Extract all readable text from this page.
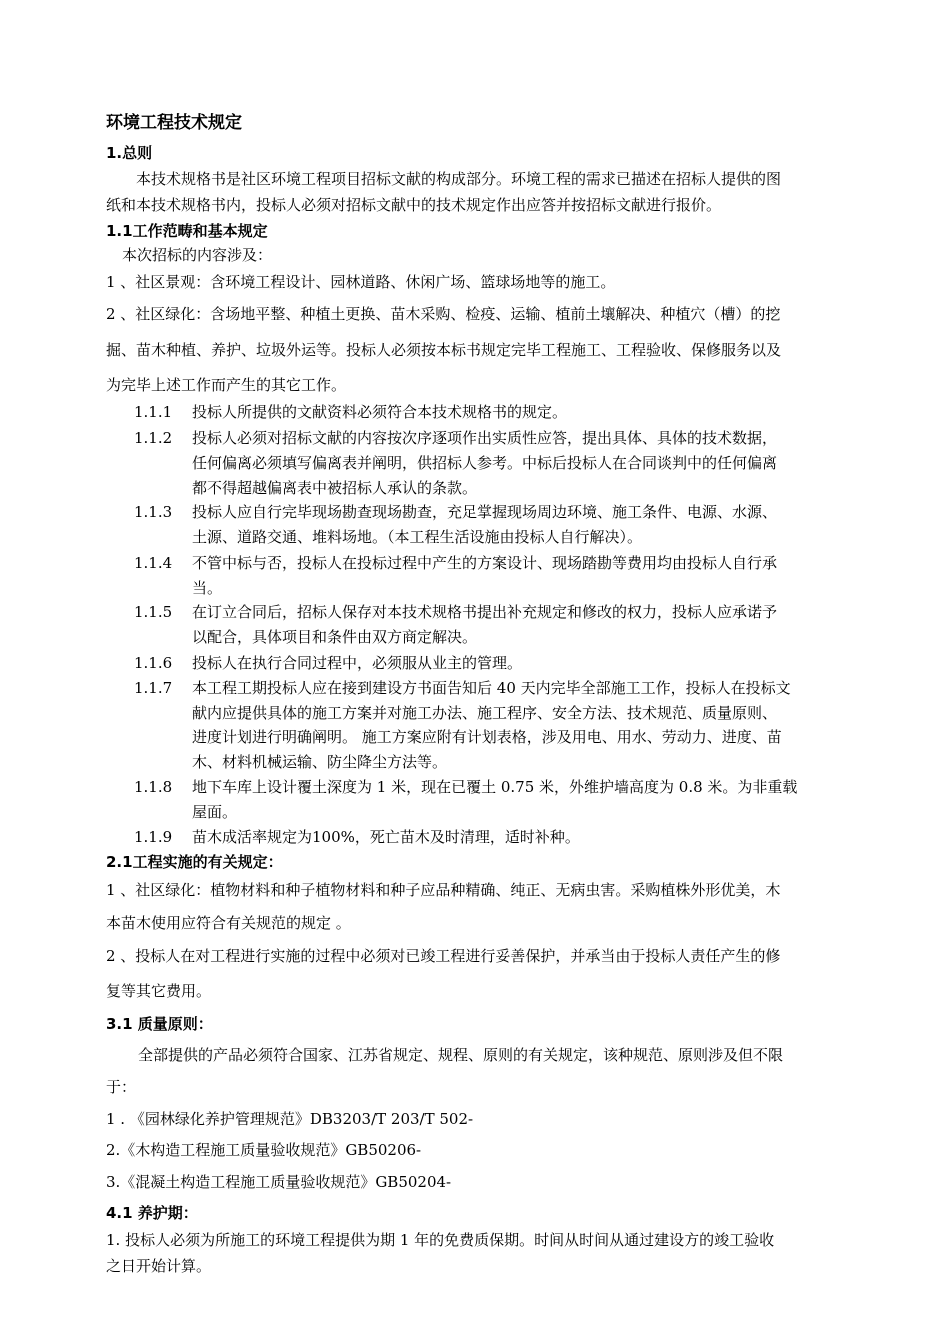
环境工程技术规定
1.总则
本技术规格书是社区环境工程项目招标文献的构成部分。环境工程的需求已描述在招标人提供的图
纸和本技术规格书内，投标人必须对招标文献中的技术规定作出应答并按招标文献进行报价。
1.1工作范畴和基本规定
本次招标的内容涉及：
1 、社区景观：含环境工程设计、园林道路、休闲广场、篮球场地等的施工。
2 、社区绿化：含场地平整、种植土更换、苗木采购、检疫、运输、植前土壤解决、种植穴（槽）的挖
掘、苗木种植、养护、垃圾外运等。投标人必须按本标书规定完毕工程施工、工程验收、保修服务以及
为完毕上述工作而产生的其它工作。
1.1.1 投标人所提供的文献资料必须符合本技术规格书的规定。
1.1.2 投标人必须对招标文献的内容按次序逐项作出实质性应答，提出具体、具体的技术数据，
任何偏离必须填写偏离表并阐明，供招标人参考。中标后投标人在合同谈判中的任何偏离
都不得超越偏离表中被招标人承认的条款。
1.1.3 投标人应自行完毕现场勘查现场勘查，充足掌握现场周边环境、施工条件、电源、水源、
土源、道路交通、堆料场地。（本工程生活设施由投标人自行解决）。
1.1.4 不管中标与否，投标人在投标过程中产生的方案设计、现场踏勘等费用均由投标人自行承
当。
1.1.5 在订立合同后，招标人保存对本技术规格书提出补充规定和修改的权力，投标人应承诺予
以配合，具体项目和条件由双方商定解决。
1.1.6 投标人在执行合同过程中，必须服从业主的管理。
1.1.7 本工程工期投标人应在接到建设方书面告知后 40 天内完毕全部施工工作，投标人在投标文
献内应提供具体的施工方案并对施工办法、施工程序、安全方法、技术规范、质量原则、
进度计划进行明确阐明。 施工方案应附有计划表格，涉及用电、用水、劳动力、进度、苗
木、材料机械运输、防尘降尘方法等。
1.1.8 地下车库上设计覆土深度为 1 米，现在已覆土 0.75 米，外维护墙高度为 0.8 米。为非重载
屋面。
1.1.9 苗木成活率规定为100%，死亡苗木及时清理，适时补种。
2.1工程实施的有关规定：
1 、社区绿化：植物材料和种子植物材料和种子应品种精确、纯正、无病虫害。采购植株外形优美，木
本苗木使用应符合有关规范的规定 。
2 、投标人在对工程进行实施的过程中必须对已竣工程进行妥善保护，并承当由于投标人责任产生的修
复等其它费用。
3.1 质量原则：
全部提供的产品必须符合国家、江苏省规定、规程、原则的有关规定，该种规范、原则涉及但不限
于：
1 . 《园林绿化养护管理规范》DB3203/T 203/T 502-
2.《木构造工程施工质量验收规范》GB50206-
3.《混凝土构造工程施工质量验收规范》GB50204-
4.1 养护期：
1. 投标人必须为所施工的环境工程提供为期 1 年的免费质保期。时间从时间从通过建设方的竣工验收
之日开始计算。
